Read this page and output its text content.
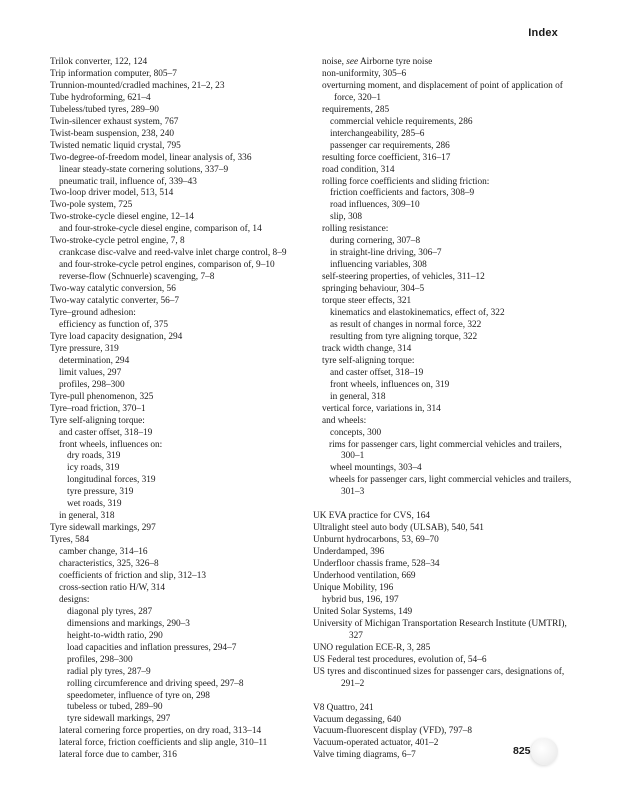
Index
Trilok converter, 122, 124
Trip information computer, 805–7
Trunnion-mounted/cradled machines, 21–2, 23
Tube hydroforming, 621–4
Tubeless/tubed tyres, 289–90
Twin-silencer exhaust system, 767
Twist-beam suspension, 238, 240
Twisted nematic liquid crystal, 795
Two-degree-of-freedom model, linear analysis of, 336
linear steady-state cornering solutions, 337–9
pneumatic trail, influence of, 339–43
Two-loop driver model, 513, 514
Two-pole system, 725
Two-stroke-cycle diesel engine, 12–14
and four-stroke-cycle diesel engine, comparison of, 14
Two-stroke-cycle petrol engine, 7, 8
crankcase disc-valve and reed-valve inlet charge control, 8–9
and four-stroke-cycle petrol engines, comparison of, 9–10
reverse-flow (Schnuerle) scavenging, 7–8
Two-way catalytic conversion, 56
Two-way catalytic converter, 56–7
Tyre–ground adhesion:
efficiency as function of, 375
Tyre load capacity designation, 294
Tyre pressure, 319
determination, 294
limit values, 297
profiles, 298–300
Tyre-pull phenomenon, 325
Tyre–road friction, 370–1
Tyre self-aligning torque:
and caster offset, 318–19
front wheels, influences on:
dry roads, 319
icy roads, 319
longitudinal forces, 319
tyre pressure, 319
wet roads, 319
in general, 318
Tyre sidewall markings, 297
Tyres, 584
camber change, 314–16
characteristics, 325, 326–8
coefficients of friction and slip, 312–13
cross-section ratio H/W, 314
designs:
diagonal ply tyres, 287
dimensions and markings, 290–3
height-to-width ratio, 290
load capacities and inflation pressures, 294–7
profiles, 298–300
radial ply tyres, 287–9
rolling circumference and driving speed, 297–8
speedometer, influence of tyre on, 298
tubeless or tubed, 289–90
tyre sidewall markings, 297
lateral cornering force properties, on dry road, 313–14
lateral force, friction coefficients and slip angle, 310–11
lateral force due to camber, 316
noise, see Airborne tyre noise
non-uniformity, 305–6
overturning moment, and displacement of point of application of force, 320–1
requirements, 285
commercial vehicle requirements, 286
interchangeability, 285–6
passenger car requirements, 286
resulting force coefficient, 316–17
road condition, 314
rolling force coefficients and sliding friction:
friction coefficients and factors, 308–9
road influences, 309–10
slip, 308
rolling resistance:
during cornering, 307–8
in straight-line driving, 306–7
influencing variables, 308
self-steering properties, of vehicles, 311–12
springing behaviour, 304–5
torque steer effects, 321
kinematics and elastokinematics, effect of, 322
as result of changes in normal force, 322
resulting from tyre aligning torque, 322
track width change, 314
tyre self-aligning torque:
and caster offset, 318–19
front wheels, influences on, 319
in general, 318
vertical force, variations in, 314
and wheels:
concepts, 300
rims for passenger cars, light commercial vehicles and trailers, 300–1
wheel mountings, 303–4
wheels for passenger cars, light commercial vehicles and trailers, 301–3
UK EVA practice for CVS, 164
Ultralight steel auto body (ULSAB), 540, 541
Unburnt hydrocarbons, 53, 69–70
Underdamped, 396
Underfloor chassis frame, 528–34
Underhood ventilation, 669
Unique Mobility, 196
hybrid bus, 196, 197
United Solar Systems, 149
University of Michigan Transportation Research Institute (UMTRI), 327
UNO regulation ECE-R, 3, 285
US Federal test procedures, evolution of, 54–6
US tyres and discontinued sizes for passenger cars, designations of, 291–2
V8 Quattro, 241
Vacuum degassing, 640
Vacuum-fluorescent display (VFD), 797–8
Vacuum-operated actuator, 401–2
Valve timing diagrams, 6–7	825
